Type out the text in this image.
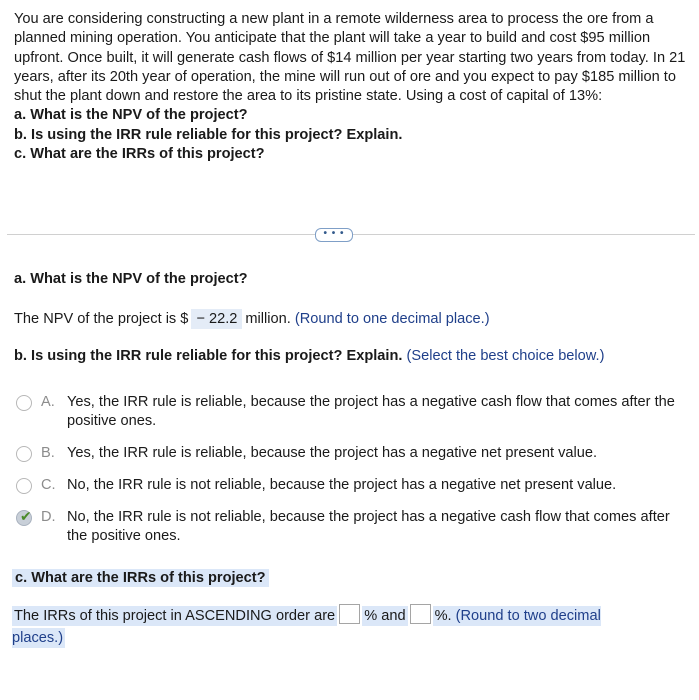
You are considering constructing a new plant in a remote wilderness area to process the ore from a planned mining operation. You anticipate that the plant will take a year to build and cost $95 million upfront. Once built, it will generate cash flows of $14 million per year starting two years from today. In 21 years, after its 20th year of operation, the mine will run out of ore and you expect to pay $185 million to shut the plant down and restore the area to its pristine state. Using a cost of capital of 13%:

a. What is the NPV of the project?

b. Is using the IRR rule reliable for this project? Explain.

c. What are the IRRs of this project?

• • •
a. What is the NPV of the project?
The NPV of the project is $ − 22.2 million. (Round to one decimal place.)
b. Is using the IRR rule reliable for this project? Explain. (Select the best choice below.)
A. Yes, the IRR rule is reliable, because the project has a negative cash flow that comes after the positive ones.
B. Yes, the IRR rule is reliable, because the project has a negative net present value.
C. No, the IRR rule is not reliable, because the project has a negative net present value.
✔ D. No, the IRR rule is not reliable, because the project has a negative cash flow that comes after the positive ones.
c. What are the IRRs of this project?
The IRRs of this project in ASCENDING order are % and %. (Round to two decimal places.)
